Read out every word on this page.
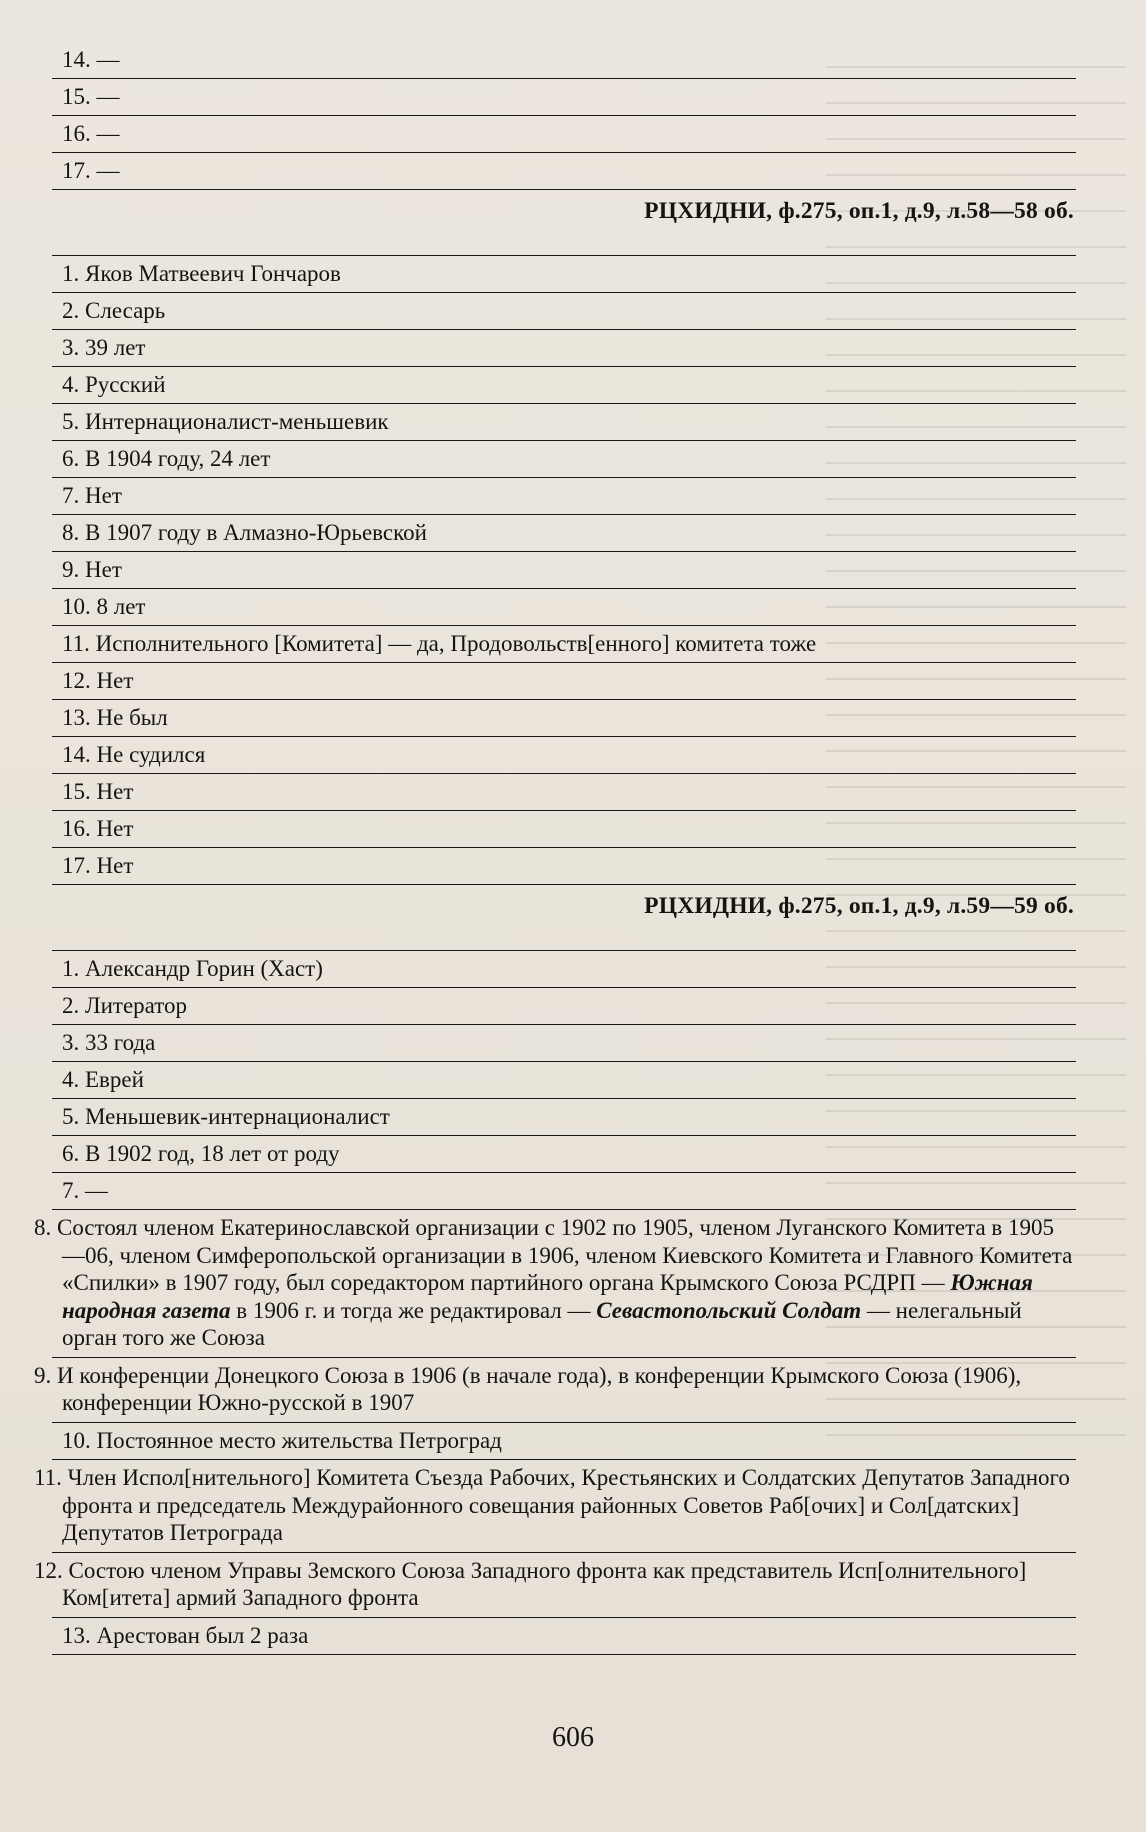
14. —
15. —
16. —
17. —
РЦХИДНИ, ф.275, оп.1, д.9, л.58—58 об.
1. Яков Матвеевич Гончаров
2. Слесарь
3. 39 лет
4. Русский
5. Интернационалист-меньшевик
6. В 1904 году, 24 лет
7. Нет
8. В 1907 году в Алмазно-Юрьевской
9. Нет
10. 8 лет
11. Исполнительного [Комитета] — да, Продовольств[енного] комитета тоже
12. Нет
13. Не был
14. Не судился
15. Нет
16. Нет
17. Нет
РЦХИДНИ, ф.275, оп.1, д.9, л.59—59 об.
1. Александр Горин (Хаст)
2. Литератор
3. 33 года
4. Еврей
5. Меньшевик-интернационалист
6. В 1902 год, 18 лет от роду
7. —
8. Состоял членом Екатеринославской организации с 1902 по 1905, членом Луганского Комитета в 1905—06, членом Симферопольской организации в 1906, членом Киевского Комитета и Главного Комитета «Спилки» в 1907 году, был соредактором партийного органа Крымского Союза РСДРП — Южная народная газета в 1906 г. и тогда же редактировал — Севастопольский Солдат — нелегальный орган того же Союза
9. И конференции Донецкого Союза в 1906 (в начале года), в конференции Крымского Союза (1906), конференции Южно-русской в 1907
10. Постоянное место жительства Петроград
11. Член Испол[нительного] Комитета Съезда Рабочих, Крестьянских и Солдатских Депутатов Западного фронта и председатель Междурайонного совещания районных Советов Раб[очих] и Сол[датских] Депутатов Петрограда
12. Состою членом Управы Земского Союза Западного фронта как представитель Исп[олнительного] Ком[итета] армий Западного фронта
13. Арестован был 2 раза
606
